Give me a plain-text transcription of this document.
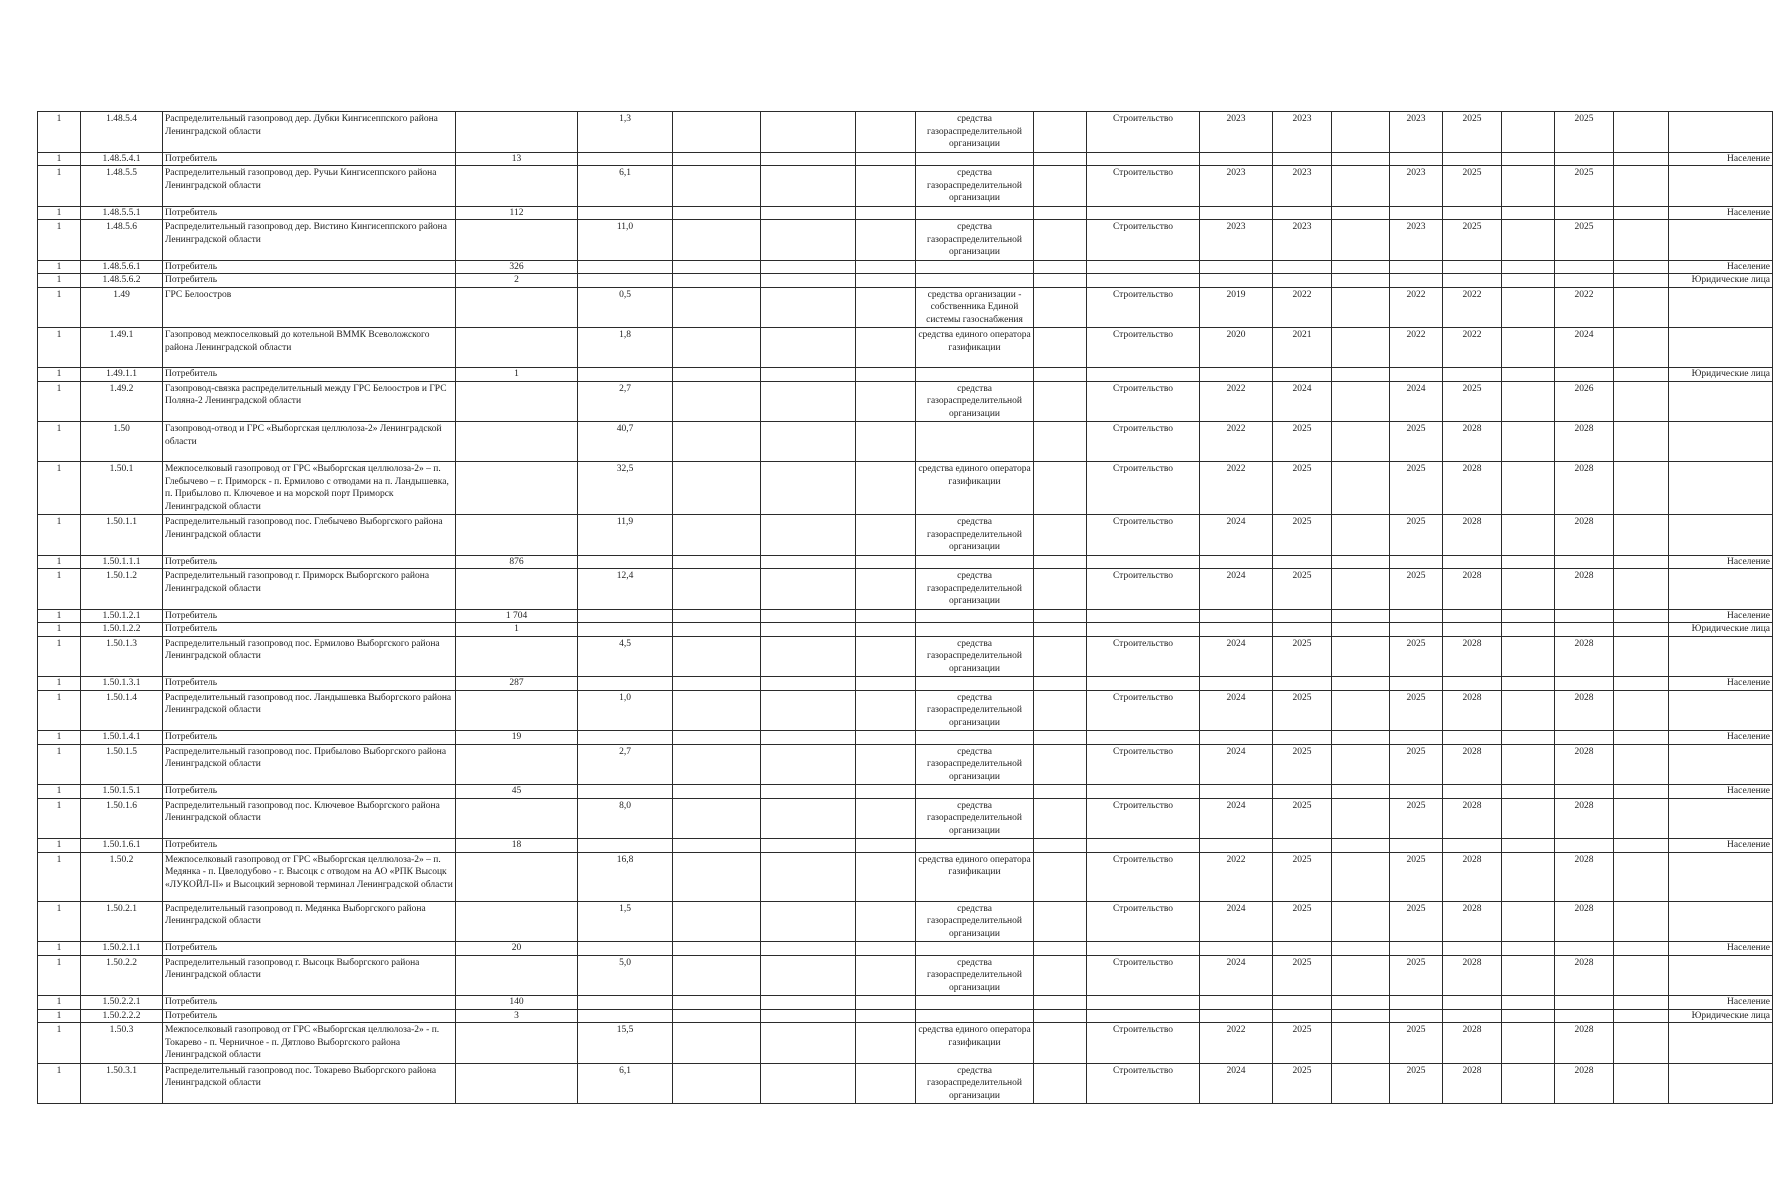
1	1.48.5.4	Распределительный газопровод дер. Дубки Кингисеппского района Ленинградской области		1,3				средства газораспределительной организации		Строительство	2023	2023		2023	2025		2025		
1	1.48.5.4.1	Потребитель	13																Население
1	1.48.5.5	Распределительный газопровод дер. Ручьи Кингисеппского района Ленинградской области		6,1				средства газораспределительной организации		Строительство	2023	2023		2023	2025		2025		
1	1.48.5.5.1	Потребитель	112																Население
1	1.48.5.6	Распределительный газопровод дер. Вистино Кингисеппского района Ленинградской области		11,0				средства газораспределительной организации		Строительство	2023	2023		2023	2025		2025		
1	1.48.5.6.1	Потребитель	326																Население
1	1.48.5.6.2	Потребитель	2																Юридические лица
1	1.49	ГРС Белоостров		0,5				средства организации - собственника Единой системы газоснабжения		Строительство	2019	2022		2022	2022		2022		
1	1.49.1	Газопровод межпоселковый до котельной ВММК Всеволожского района Ленинградской области		1,8				средства единого оператора газификации		Строительство	2020	2021		2022	2022		2024		
1	1.49.1.1	Потребитель	1																Юридические лица
1	1.49.2	Газопровод-связка распределительный между ГРС Белоостров и ГРС Поляна-2 Ленинградской области		2,7				средства газораспределительной организации		Строительство	2022	2024		2024	2025		2026		
1	1.50	Газопровод-отвод и ГРС «Выборгская целлюлоза-2» Ленинградской области		40,7						Строительство	2022	2025		2025	2028		2028		
1	1.50.1	Межпоселковый газопровод от ГРС «Выборгская целлюлоза-2» – п. Глебычево – г. Приморск - п. Ермилово с отводами на п. Ландышевка, п. Прибылово п. Ключевое и на морской порт Приморск Ленинградской области		32,5				средства единого оператора газификации		Строительство	2022	2025		2025	2028		2028		
1	1.50.1.1	Распределительный газопровод пос. Глебычево Выборгского района Ленинградской области		11,9				средства газораспределительной организации		Строительство	2024	2025		2025	2028		2028		
1	1.50.1.1.1	Потребитель	876																Население
1	1.50.1.2	Распределительный газопровод г. Приморск Выборгского района Ленинградской области		12,4				средства газораспределительной организации		Строительство	2024	2025		2025	2028		2028		
1	1.50.1.2.1	Потребитель	1 704																Население
1	1.50.1.2.2	Потребитель	1																Юридические лица
1	1.50.1.3	Распределительный газопровод пос. Ермилово Выборгского района Ленинградской области		4,5				средства газораспределительной организации		Строительство	2024	2025		2025	2028		2028		
1	1.50.1.3.1	Потребитель	287																Население
1	1.50.1.4	Распределительный газопровод пос. Ландышевка Выборгского района Ленинградской области		1,0				средства газораспределительной организации		Строительство	2024	2025		2025	2028		2028		
1	1.50.1.4.1	Потребитель	19																Население
1	1.50.1.5	Распределительный газопровод пос. Прибылово Выборгского района Ленинградской области		2,7				средства газораспределительной организации		Строительство	2024	2025		2025	2028		2028		
1	1.50.1.5.1	Потребитель	45																Население
1	1.50.1.6	Распределительный газопровод пос. Ключевое Выборгского района Ленинградской области		8,0				средства газораспределительной организации		Строительство	2024	2025		2025	2028		2028		
1	1.50.1.6.1	Потребитель	18																Население
1	1.50.2	Межпоселковый газопровод от ГРС «Выборгская целлюлоза-2» – п. Медянка - п. Цвелодубово - г. Высоцк с отводом на АО «РПК Высоцк «ЛУКОЙЛ-II» и Высоцкий зерновой терминал Ленинградской области		16,8				средства единого оператора газификации		Строительство	2022	2025		2025	2028		2028		
1	1.50.2.1	Распределительный газопровод п. Медянка Выборгского района Ленинградской области		1,5				средства газораспределительной организации		Строительство	2024	2025		2025	2028		2028		
1	1.50.2.1.1	Потребитель	20																Население
1	1.50.2.2	Распределительный газопровод г. Высоцк Выборгского района Ленинградской области		5,0				средства газораспределительной организации		Строительство	2024	2025		2025	2028		2028		
1	1.50.2.2.1	Потребитель	140																Население
1	1.50.2.2.2	Потребитель	3																Юридические лица
1	1.50.3	Межпоселковый газопровод от ГРС «Выборгская целлюлоза-2» - п. Токарево - п. Черничное - п. Дятлово Выборгского района Ленинградской области		15,5				средства единого оператора газификации		Строительство	2022	2025		2025	2028		2028		
1	1.50.3.1	Распределительный газопровод пос. Токарево Выборгского района Ленинградской области		6,1				средства газораспределительной организации		Строительство	2024	2025		2025	2028		2028		
